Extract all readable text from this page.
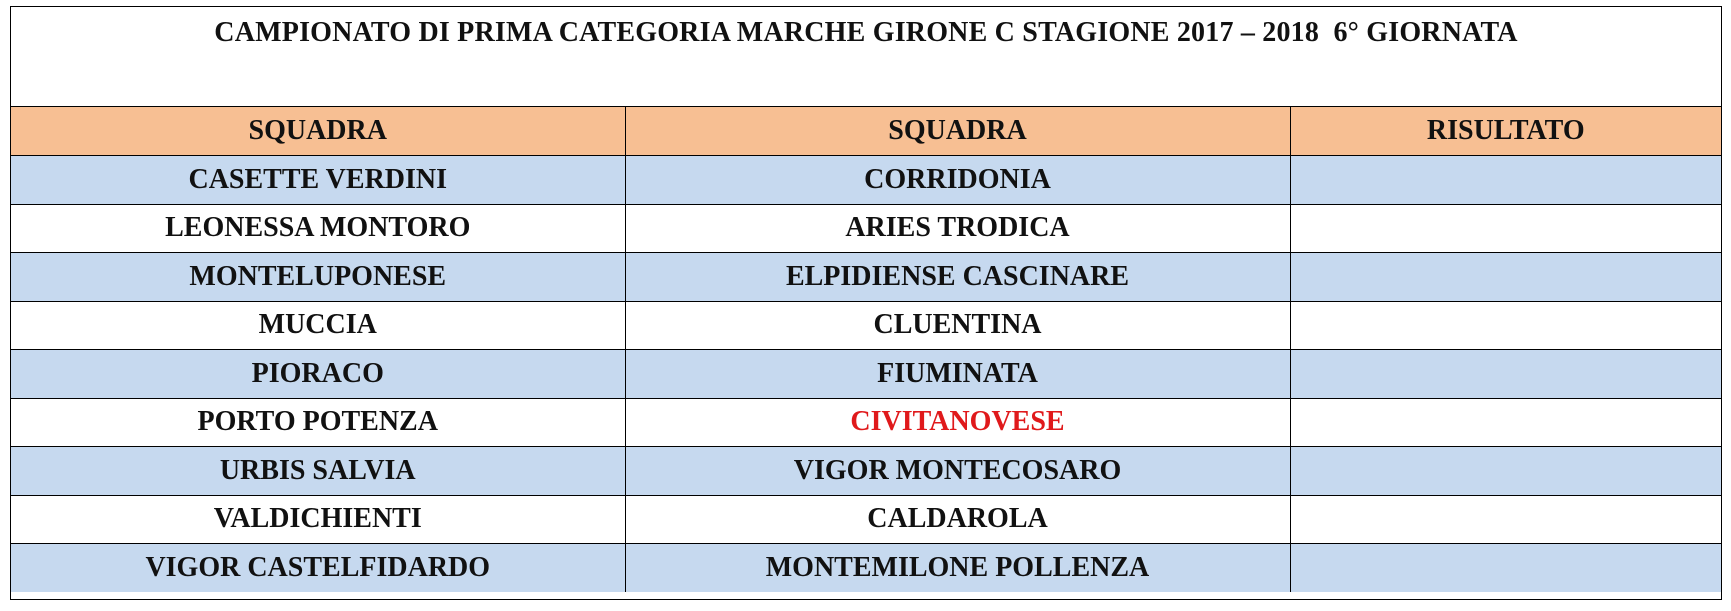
CAMPIONATO DI PRIMA CATEGORIA MARCHE GIRONE C STAGIONE 2017 – 2018  6° GIORNATA
SQUADRA	SQUADRA	RISULTATO
CASETTE VERDINI	CORRIDONIA	
LEONESSA MONTORO	ARIES TRODICA	
MONTELUPONESE	ELPIDIENSE CASCINARE	
MUCCIA	CLUENTINA	
PIORACO	FIUMINATA	
PORTO POTENZA	CIVITANOVESE	
URBIS SALVIA	VIGOR MONTECOSARO	
VALDICHIENTI	CALDAROLA	
VIGOR CASTELFIDARDO	MONTEMILONE POLLENZA	
